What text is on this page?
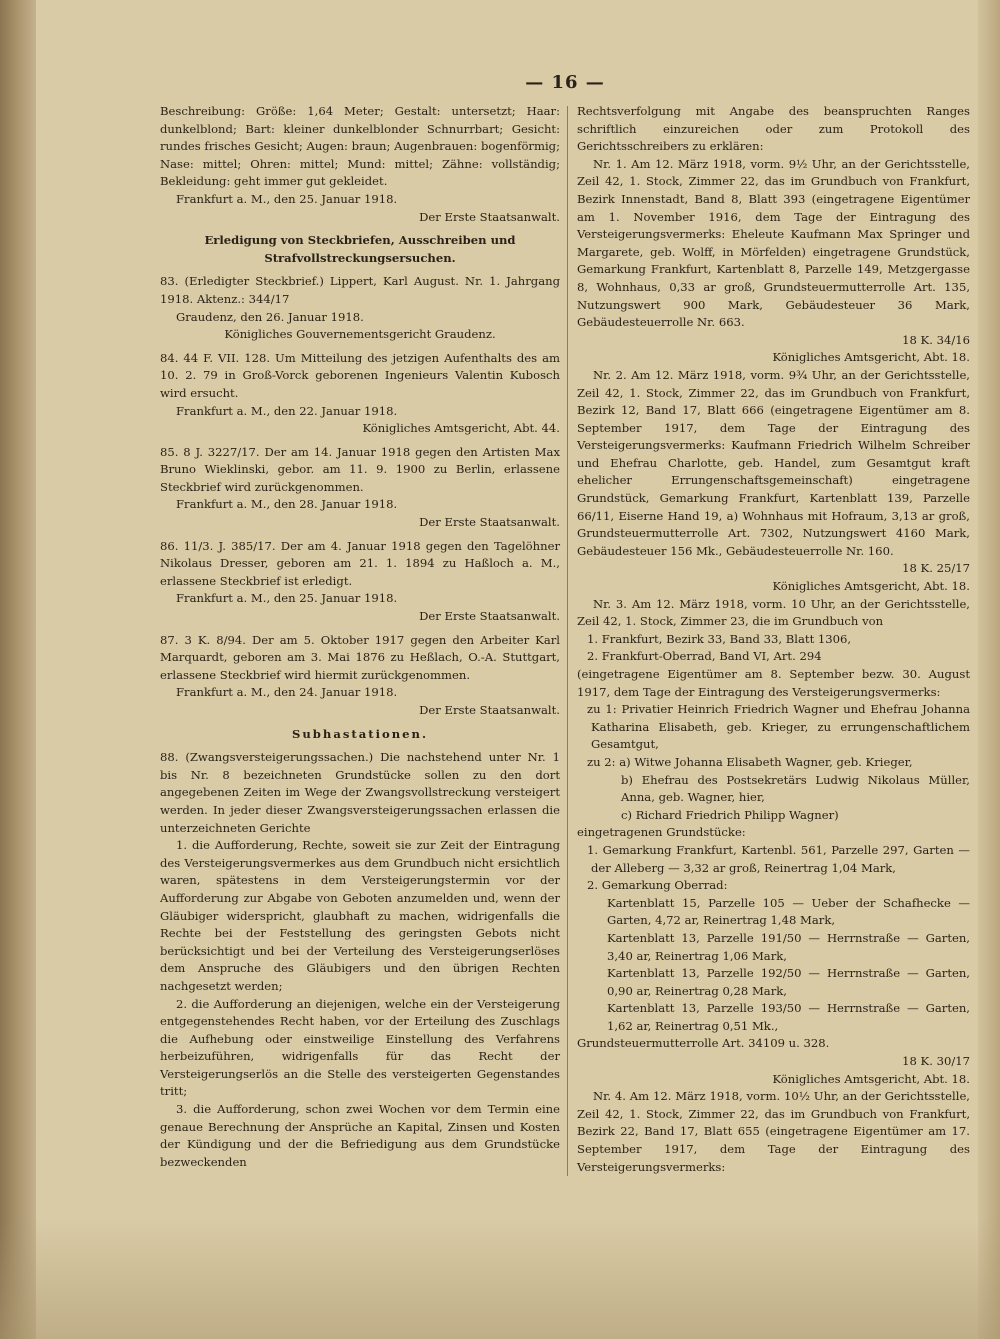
— 16 —

Beschreibung: Größe: 1,64 Meter; Gestalt: untersetzt; Haar: dunkelblond; Bart: kleiner dunkelblonder Schnurrbart; Gesicht: rundes frisches Gesicht; Augen: braun; Augenbrauen: bogenförmig; Nase: mittel; Ohren: mittel; Mund: mittel; Zähne: vollständig; Bekleidung: geht immer gut gekleidet.

Frankfurt a. M., den 25. Januar 1918.

Der Erste Staatsanwalt.

Erledigung von Steckbriefen, Ausschreiben und Strafvollstreckungsersuchen.

83. (Erledigter Steckbrief.) Lippert, Karl August. Nr. 1. Jahrgang 1918. Aktenz.: 344/17

Graudenz, den 26. Januar 1918.

Königliches Gouvernementsgericht Graudenz.

84. 44 F. VII. 128. Um Mitteilung des jetzigen Aufenthalts des am 10. 2. 79 in Groß-Vorck geborenen Ingenieurs Valentin Kubosch wird ersucht.

Frankfurt a. M., den 22. Januar 1918.

Königliches Amtsgericht, Abt. 44.

85. 8 J. 3227/17. Der am 14. Januar 1918 gegen den Artisten Max Bruno Wieklinski, gebor. am 11. 9. 1900 zu Berlin, erlassene Steckbrief wird zurückgenommen.

Frankfurt a. M., den 28. Januar 1918.

Der Erste Staatsanwalt.

86. 11/3. J. 385/17. Der am 4. Januar 1918 gegen den Tagelöhner Nikolaus Dresser, geboren am 21. 1. 1894 zu Haßloch a. M., erlassene Steckbrief ist erledigt.

Frankfurt a. M., den 25. Januar 1918.

Der Erste Staatsanwalt.

87. 3 K. 8/94. Der am 5. Oktober 1917 gegen den Arbeiter Karl Marquardt, geboren am 3. Mai 1876 zu Heßlach, O.-A. Stuttgart, erlassene Steckbrief wird hiermit zurückgenommen.

Frankfurt a. M., den 24. Januar 1918.

Der Erste Staatsanwalt.

Subhastationen.

88. (Zwangsversteigerungssachen.) Die nachstehend unter Nr. 1 bis Nr. 8 bezeichneten Grundstücke sollen zu den dort angegebenen Zeiten im Wege der Zwangsvollstreckung versteigert werden. In jeder dieser Zwangsversteigerungssachen erlassen die unterzeichneten Gerichte

1. die Aufforderung, Rechte, soweit sie zur Zeit der Eintragung des Versteigerungsvermerkes aus dem Grundbuch nicht ersichtlich waren, spätestens in dem Versteigerungstermin vor der Aufforderung zur Abgabe von Geboten anzumelden und, wenn der Gläubiger widerspricht, glaubhaft zu machen, widrigenfalls die Rechte bei der Feststellung des geringsten Gebots nicht berücksichtigt und bei der Verteilung des Versteigerungserlöses dem Anspruche des Gläubigers und den übrigen Rechten nachgesetzt werden;

2. die Aufforderung an diejenigen, welche ein der Versteigerung entgegenstehendes Recht haben, vor der Erteilung des Zuschlags die Aufhebung oder einstweilige Einstellung des Verfahrens herbeizuführen, widrigenfalls für das Recht der Versteigerungserlös an die Stelle des versteigerten Gegenstandes tritt;

3. die Aufforderung, schon zwei Wochen vor dem Termin eine genaue Berechnung der Ansprüche an Kapital, Zinsen und Kosten der Kündigung und der die Befriedigung aus dem Grundstücke bezweckenden

Rechtsverfolgung mit Angabe des beanspruchten Ranges schriftlich einzureichen oder zum Protokoll des Gerichtsschreibers zu erklären:

Nr. 1. Am 12. März 1918, vorm. 9½ Uhr, an der Gerichtsstelle, Zeil 42, 1. Stock, Zimmer 22, das im Grundbuch von Frankfurt, Bezirk Innenstadt, Band 8, Blatt 393 (eingetragene Eigentümer am 1. November 1916, dem Tage der Eintragung des Versteigerungsvermerks: Eheleute Kaufmann Max Springer und Margarete, geb. Wolff, in Mörfelden) eingetragene Grundstück, Gemarkung Frankfurt, Kartenblatt 8, Parzelle 149, Metzgergasse 8, Wohnhaus, 0,33 ar groß, Grundsteuermutterrolle Art. 135, Nutzungswert 900 Mark, Gebäudesteuer 36 Mark, Gebäudesteuerrolle Nr. 663.

18 K. 34/16

Königliches Amtsgericht, Abt. 18.

Nr. 2. Am 12. März 1918, vorm. 9¾ Uhr, an der Gerichtsstelle, Zeil 42, 1. Stock, Zimmer 22, das im Grundbuch von Frankfurt, Bezirk 12, Band 17, Blatt 666 (eingetragene Eigentümer am 8. September 1917, dem Tage der Eintragung des Versteigerungsvermerks: Kaufmann Friedrich Wilhelm Schreiber und Ehefrau Charlotte, geb. Handel, zum Gesamtgut kraft ehelicher Errungenschaftsgemeinschaft) eingetragene Grundstück, Gemarkung Frankfurt, Kartenblatt 139, Parzelle 66/11, Eiserne Hand 19, a) Wohnhaus mit Hofraum, 3,13 ar groß, Grundsteuermutterrolle Art. 7302, Nutzungswert 4160 Mark, Gebäudesteuer 156 Mk., Gebäudesteuerrolle Nr. 160.

18 K. 25/17

Königliches Amtsgericht, Abt. 18.

Nr. 3. Am 12. März 1918, vorm. 10 Uhr, an der Gerichtsstelle, Zeil 42, 1. Stock, Zimmer 23, die im Grundbuch von

1. Frankfurt, Bezirk 33, Band 33, Blatt 1306,

2. Frankfurt-Oberrad, Band VI, Art. 294

(eingetragene Eigentümer am 8. September bezw. 30. August 1917, dem Tage der Eintragung des Versteigerungsvermerks:

zu 1: Privatier Heinrich Friedrich Wagner und Ehefrau Johanna Katharina Elisabeth, geb. Krieger, zu errungenschaftlichem Gesamtgut,

zu 2: a) Witwe Johanna Elisabeth Wagner, geb. Krieger,

b) Ehefrau des Postsekretärs Ludwig Nikolaus Müller, Anna, geb. Wagner, hier,

c) Richard Friedrich Philipp Wagner)

eingetragenen Grundstücke:

1. Gemarkung Frankfurt, Kartenbl. 561, Parzelle 297, Garten — der Alleberg — 3,32 ar groß, Reinertrag 1,04 Mark,

2. Gemarkung Oberrad:

Kartenblatt 15, Parzelle 105 — Ueber der Schafhecke — Garten, 4,72 ar, Reinertrag 1,48 Mark,

Kartenblatt 13, Parzelle 191/50 — Herrnstraße — Garten, 3,40 ar, Reinertrag 1,06 Mark,

Kartenblatt 13, Parzelle 192/50 — Herrnstraße — Garten, 0,90 ar, Reinertrag 0,28 Mark,

Kartenblatt 13, Parzelle 193/50 — Herrnstraße — Garten, 1,62 ar, Reinertrag 0,51 Mk.,

Grundsteuermutterrolle Art. 34109 u. 328.

18 K. 30/17

Königliches Amtsgericht, Abt. 18.

Nr. 4. Am 12. März 1918, vorm. 10½ Uhr, an der Gerichtsstelle, Zeil 42, 1. Stock, Zimmer 22, das im Grundbuch von Frankfurt, Bezirk 22, Band 17, Blatt 655 (eingetragene Eigentümer am 17. September 1917, dem Tage der Eintragung des Versteigerungsvermerks:
